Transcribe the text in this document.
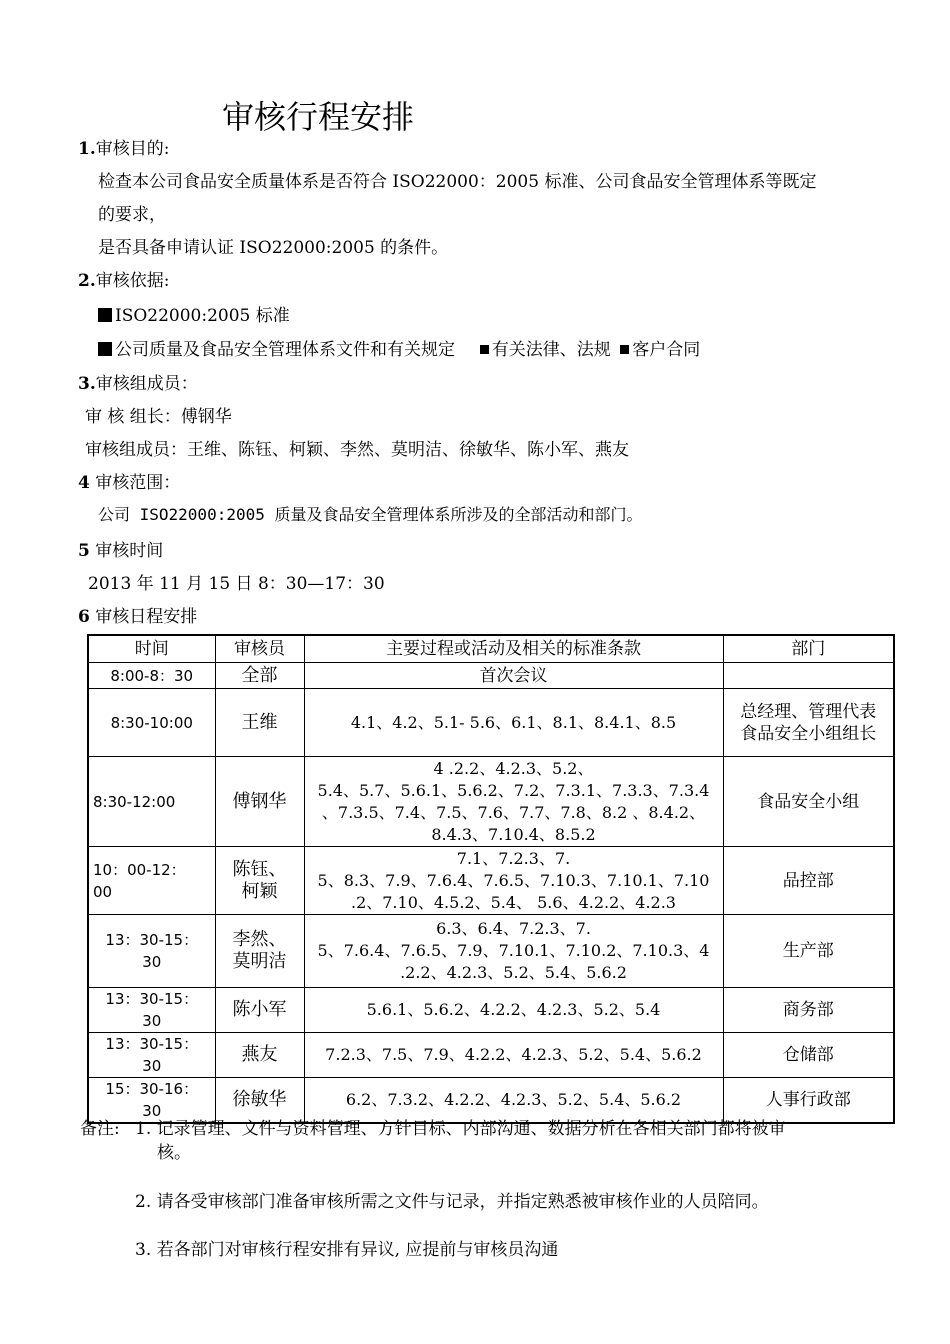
审核行程安排
1.审核目的:
检查本公司食品安全质量体系是否符合 ISO22000：2005 标准、公司食品安全管理体系等既定
的要求，
是否具备申请认证 ISO22000:2005 的条件。
2.审核依据:
ISO22000:2005 标准
公司质量及食品安全管理体系文件和有关规定 有关法律、法规 客户合同
3.审核组成员：
审 核 组长：傅钢华
审核组成员：王维、陈钰、柯颖、李然、莫明洁、徐敏华、陈小军、燕友
4 审核范围：
公司 ISO22000:2005 质量及食品安全管理体系所涉及的全部活动和部门。
5 审核时间
2013 年 11 月 15 日 8：30—17：30
6 审核日程安排
时间	审核员	主要过程或活动及相关的标准条款	部门
8:00-8：30	全部	首次会议	
8:30-10:00	王维	4.1、4.2、5.1- 5.6、6.1、8.1、8.4.1、8.5	总经理、管理代表
食品安全小组组长
8:30-12:00	傅钢华	4 .2.2、4.2.3、5.2、
5.4、5.7、5.6.1、5.6.2、7.2、7.3.1、7.3.3、7.3.4
、7.3.5、7.4、7.5、7.6、7.7、7.8、8.2 、8.4.2、
8.4.3、7.10.4、8.5.2	食品安全小组
10：00-12：
00	陈钰、
柯颖	7.1、7.2.3、7.
5、8.3、7.9、7.6.4、7.6.5、7.10.3、7.10.1、7.10
.2、7.10、4.5.2、5.4、 5.6、4.2.2、4.2.3	品控部
13：30-15：
30	李然、
莫明洁	6.3、6.4、7.2.3、7.
5、7.6.4、7.6.5、7.9、7.10.1、7.10.2、7.10.3、4
.2.2、4.2.3、5.2、5.4、5.6.2	生产部
13：30-15：
30	陈小军	5.6.1、5.6.2、4.2.2、4.2.3、5.2、5.4	商务部
13：30-15：
30	燕友	7.2.3、7.5、7.9、4.2.2、4.2.3、5.2、5.4、5.6.2	仓储部
15：30-16：
30	徐敏华	6.2、7.3.2、4.2.2、4.2.3、5.2、5.4、5.6.2	人事行政部
备注: 1. 记录管理、文件与资料管理、方针目标、内部沟通、数据分析在各相关部门都将被审
核。
2. 请各受审核部门准备审核所需之文件与记录，并指定熟悉被审核作业的人员陪同。
3. 若各部门对审核行程安排有异议, 应提前与审核员沟通
